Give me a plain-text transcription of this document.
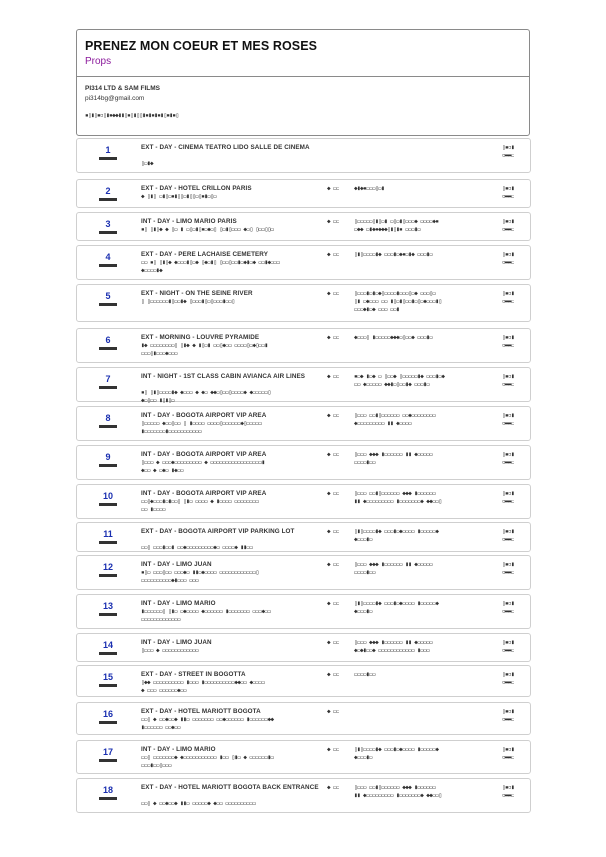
PRENEZ MON COEUR ET MES ROSES
Props
PI314 LTD & SAM FILMS
pi314bg@gmail.com
▪▯▮▯▪▫▯▮▪◆◆▮▮▯▪▯▮▯▯▮▪▮▪▮▪▮▯▪▮▪▯
1	EXT - DAY - CINEMA TEATRO LIDO SALLE DE CINEMA
▯▭▮◆
▯▪▫▮
▫▬▬▭
2	EXT - DAY - HOTEL CRILLON PARIS
◆ ▯▮▯ ▭▮▯▭▪▮▯▯▭▮▯▯▭▯▪▮▭▯▭
◆ ▭▭ ◆▮◆▪▭▭▭▯▭▮	▯▪▫▮
▫▬▬▭
3	INT - DAY - LIMO MARIO PARIS
▪▯ ▯▮▯◆ ◆ ▯▭ ▮ ▭▯▭▮▯▪▭◆▭▯ ▯▭▮▯▭▭▭ ◆▭▯ ▯▭▭▯▯▭
◆ ▭▭ ▯▭▭▭▭▭▯▮▯▭▮ ▭▯▭▮▯▭▭▭◆ ▭▭▭▭◆▪
▭◆◆ ▭▮◆▪◆◆◆▯▮▯▮▪ ▭▭▭▮▭
▯▪▫▮
▫▬▬▭
4	EXT - DAY - PERE LACHAISE CEMETERY
▭▭ ▪▯ ▯▮▯◆ ◆▭▭▭▮▯▭◆ ▯◆▭▮▯ ▯▭▭▯▭▭▮▭◆▮▭◆ ▭▭▮◆▭▭▭
◆▭▭▭▭▮◆
◆ ▭▭ ▯▮▯▭▭▭▭▮◆ ▭▭▭▮▭◆▪▭▮◆ ▭▭▭▮▭	▯▪▫▮
▫▬▬▭
5	EXT - NIGHT - ON THE SEINE RIVER
▯ ▯▭▭▭▭▭▭▮▯▭▭▮◆ ▯▭▭▭▮▯▭▯▭▭▭▮▭▭▯
◆ ▭▭ ▯▭▭▭▮▭▮▭◆▯▭▭▭▭▮▭▭▭▯▭◆ ▭▭▭▯▭
▯▮ ▭◆▭▭▭ ▭▭ ▮▯▭▮▯▭▭▮▭▯▭◆▭▭▭▮▯
▭▭▭◆▮▭◆ ▭▭▭ ▭▭▮
▯▪▫▮
▫▬▬▭
6	EXT - MORNING - LOUVRE PYRAMIDE
▮◆ ▭▭▭▭▭▭▭▭▯ ▯▮◆ ◆ ▮▯▭▮ ▭▭▯◆▭▭ ▭▭▭▭▯▭◆▯▭▭▮
▭▭▭▯▮▭▭▭◆▭▭▭
◆ ▭▭ ◆▭▭▭▯ ▮▭▭▭▭▭◆◆◆▭▯▭▭◆ ▭▭▭▮▭	▯▪▫▮
▫▬▬▭
7	INT - NIGHT - 1ST CLASS CABIN AVIANCA AIR LINES
▪▯ ▯▮▯▭▭▭▭▮◆ ◆▭▭▭ ◆ ◆▭ ◆◆▭▯▭▭▯▭▭▭▭◆ ◆▭▭▭▭▭▯
◆▭▯▭▭ ▮▯▮▯▭
◆ ▭▭ ▪▭◆ ▮▭◆ ▭ ▯▭▭◆ ▯▭▭▭▭▭▮◆ ▭▭▭▮▭◆
▭▭ ◆▭▭▭▭▭ ◆◆▮▭▯▭▭▮◆ ▭▭▭▮▭
▯▪▫▮
▫▬▬▭
8	INT - DAY - BOGOTA AIRPORT VIP AREA
▯▭▭▭▭▭ ◆▭▭▯▭▭ ▯ ▮▭▭▭▭ ▭▭▭▭▯▭▭▭▭▭▭◆▯▭▭▭▭▭
▮▭▭▭▭▭▭▭▮▭▭▭▭▭▭▭▭▭▭▭
◆ ▭▭ ▯▭▭▭ ▭▭▮▯▭▭▭▭▭▭ ▭▭◆▭▭▭▭▭▭▭▭
◆▭▭▭▭▭▭▭▭▭ ▮▮ ◆▭▭▭▭
▯▪▫▮
▫▬▬▭
9	INT - DAY - BOGOTA AIRPORT VIP AREA
▯▭▭▭ ◆ ▭▭▭◆▭▭▭▭▭▭▭▭▭ ◆ ▭▭▭▭▭▭▭▭▭▭▭▭▭▭▭▭▭▮
◆▭▭ ◆ ▭◆▭ ▮◆▭▭
◆ ▭▭ ▯▭▭▭ ◆◆◆ ▮▭▭▭▭▭▭ ▮▮ ◆▭▭▭▭▭
▭▭▭▭▮▭▭
▯▪▫▮
▫▬▬▭
10	INT - DAY - BOGOTA AIRPORT VIP AREA
▭▭▯◆▭▭▭▮▭▮▭▭▯ ▯▮▭ ▭▭▭▭ ◆ ▮▭▭▭▭ ▭▭▭▭▭▭▭▭
▭▭ ▮▭▭▭▭
◆ ▭▭ ▯▭▭▭ ▭▭▮▯▭▭▭▭▭▭ ◆◆◆ ▮▭▭▭▭▭▭
▮▮ ◆▭▭▭▭▭▭▭▭▭ ▮▭▭▭▭▭▭▭◆ ◆◆▭▭▯
▯▪▫▮
▫▬▬▭
11	EXT - DAY - BOGOTA AIRPORT VIP PARKING LOT
▭▭▯ ▭▭▭▮▭▭▮ ▭▭◆▭▭▭▭▭▭▭▭▭◆▭ ▭▭▭▭◆ ▮▮▭▭
◆ ▭▭ ▯▮▯▭▭▭▭▮◆ ▭▭▭▮▭◆▭▭▭▭ ▮▭▭▭▭▭◆
◆▭▭▭▮▭
▯▪▫▮
▫▬▬▭
12	INT - DAY - LIMO JUAN
▪▯▭ ▭▭▭▯▭▭ ▭▭▭◆▭ ▮▮▭◆▭▭▭▭ ▭▭▭▭▭▭▭▭▭▭▭▭▯
▭▭▭▭▭▭▭▭▭▭◆▮▭▭▭ ▭▭▭
◆ ▭▭ ▯▭▭▭ ◆◆◆ ▮▭▭▭▭▭▭ ▮▮ ◆▭▭▭▭▭
▭▭▭▭▮▭▭
▯▪▫▮
▫▬▬▭
13	INT - DAY - LIMO MARIO
▮▭▭▭▭▭▭▯ ▯▮▭ ▭◆▭▭▭▭ ◆▭▭▭▭▭▭ ▮▭▭▭▭▭▭▭ ▭▭▭◆▭▭
▭▭▭▭▭▭▭▭▭▭▭▭▭
◆ ▭▭ ▯▮▯▭▭▭▭▮◆ ▭▭▭▮▭◆▭▭▭▭ ▮▭▭▭▭▭◆
◆▭▭▭▮▭
▯▪▫▮
▫▬▬▭
14	INT - DAY - LIMO JUAN
▯▭▭▭ ◆ ▭▭▭▭▭▭▭▭▭▭▭▭
◆ ▭▭ ▯▭▭▭ ◆◆◆ ▮▭▭▭▭▭▭ ▮▮ ◆▭▭▭▭▭
◆▭◆▮▭▭◆ ▭▭▭▭▭▭▭▭▭▭▭▭ ▮▭▭▭
▯▪▫▮
▫▬▬▭
15	EXT - DAY - STREET IN BOGOTTA
▯◆◆ ▭▭▭▭▭▭▭▭▭▭ ▮▭▭▭ ▮▭▭▭▭▭▭▭▭▭▭◆◆▭▭ ◆▭▭▭▭
◆ ▭▭▭ ▭▭▭▭▭▭◆▭▭
◆ ▭▭ ▭▭▭▭▮▭▭	▯▪▫▮
▫▬▬▭
16	EXT - DAY - HOTEL MARIOTT BOGOTA
▭▭▯ ◆ ▭▭◆▭▭◆ ▮▮▭ ▭▭▭▭▭▭▭ ▭▭◆▭▭▭▭▭▭ ▮▭▭▭▭▭▭◆◆
▮▭▭▭▭▭▭ ▭▭◆▭▭
◆ ▭▭	▯▪▫▮
▫▬▬▭
17	INT - DAY - LIMO MARIO
▭▭▯ ▭▭▭▭▭▭▭◆ ◆▭▭▭▭▭▭▭▭▭▭▭ ▮▭▭ ▯▮▭ ◆ ▭▭▭▭▭▭▮▭
▭▭▭▮▭▭▯▭▭▭
◆ ▭▭ ▯▮▯▭▭▭▭▮◆ ▭▭▭▮▭◆▭▭▭▭ ▮▭▭▭▭▭◆
◆▭▭▭▮▭
▯▪▫▮
▫▬▬▭
18	EXT - DAY - HOTEL MARIOTT BOGOTA BACK ENTRANCE
▭▭▯ ◆ ▭▭◆▭▭◆ ▮▮▭ ▭▭▭▭▭◆ ◆▭▭ ▭▭▭▭▭▭▭▭▭▭
◆ ▭▭ ▯▭▭▭ ▭▭▮▯▭▭▭▭▭▭ ◆◆◆ ▮▭▭▭▭▭▭
▮▮ ◆▭▭▭▭▭▭▭▭▭ ▮▭▭▭▭▭▭▭◆ ◆◆▭▭▯
▯▪▫▮
▫▬▬▭
